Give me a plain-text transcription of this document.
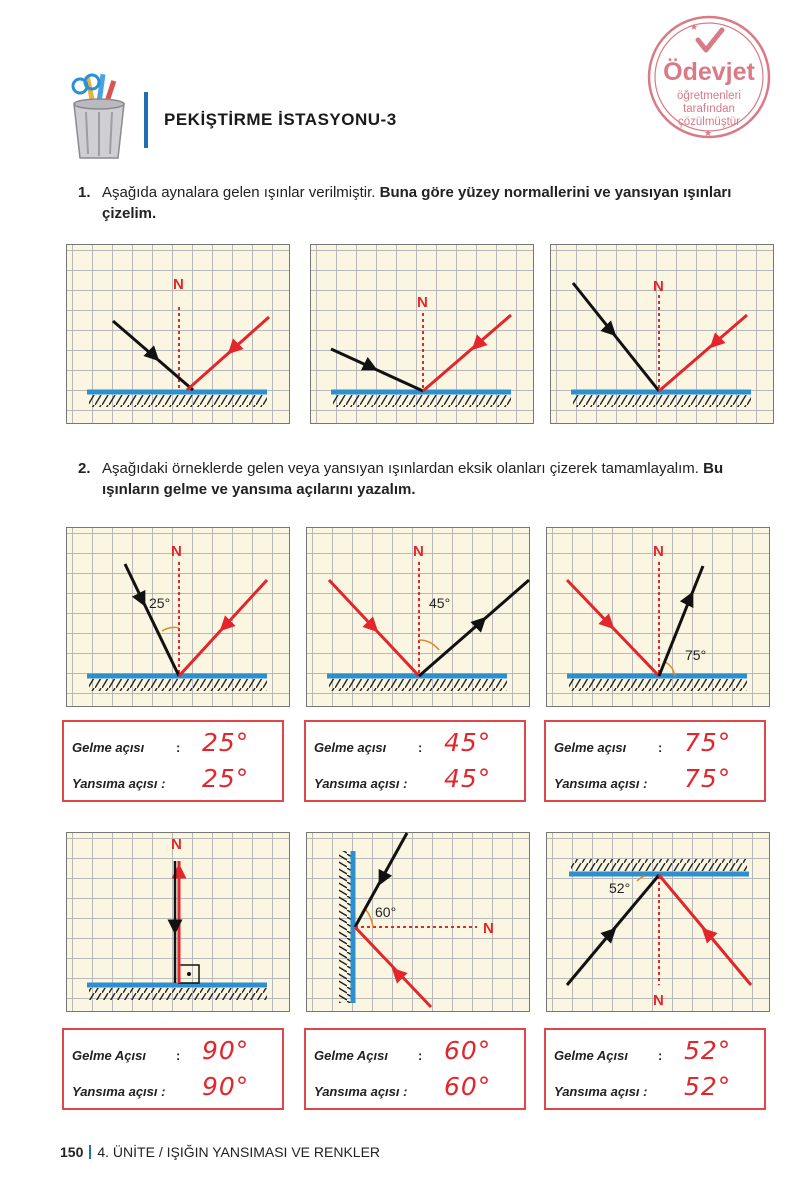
PEKİŞTİRME İSTASYONU-3
★
★
Ödevjet
öğretmenleri
tarafından
çözülmüştür
1. Aşağıda aynalara gelen ışınlar verilmiştir. Buna göre yüzey normallerini ve yansıyan ışınları çizelim.
N
N
N
2. Aşağıdaki örneklerde gelen veya yansıyan ışınlardan eksik olanları çizerek tamamlayalım. Bu ışınların gelme ve yansıma açılarını yazalım.
N
25°
N
45°
N
75°
Gelme açısı : 25°
Yansıma açısı : 25°
Gelme açısı : 45°
Yansıma açısı : 45°
Gelme açısı : 75°
Yansıma açısı : 75°
N
N
60°
N
52°
Gelme Açısı : 90°
Yansıma açısı : 90°
Gelme Açısı : 60°
Yansıma açısı : 60°
Gelme Açısı : 52°
Yansıma açısı : 52°
150 4. ÜNİTE / IŞIĞIN YANSIMASI VE RENKLER
